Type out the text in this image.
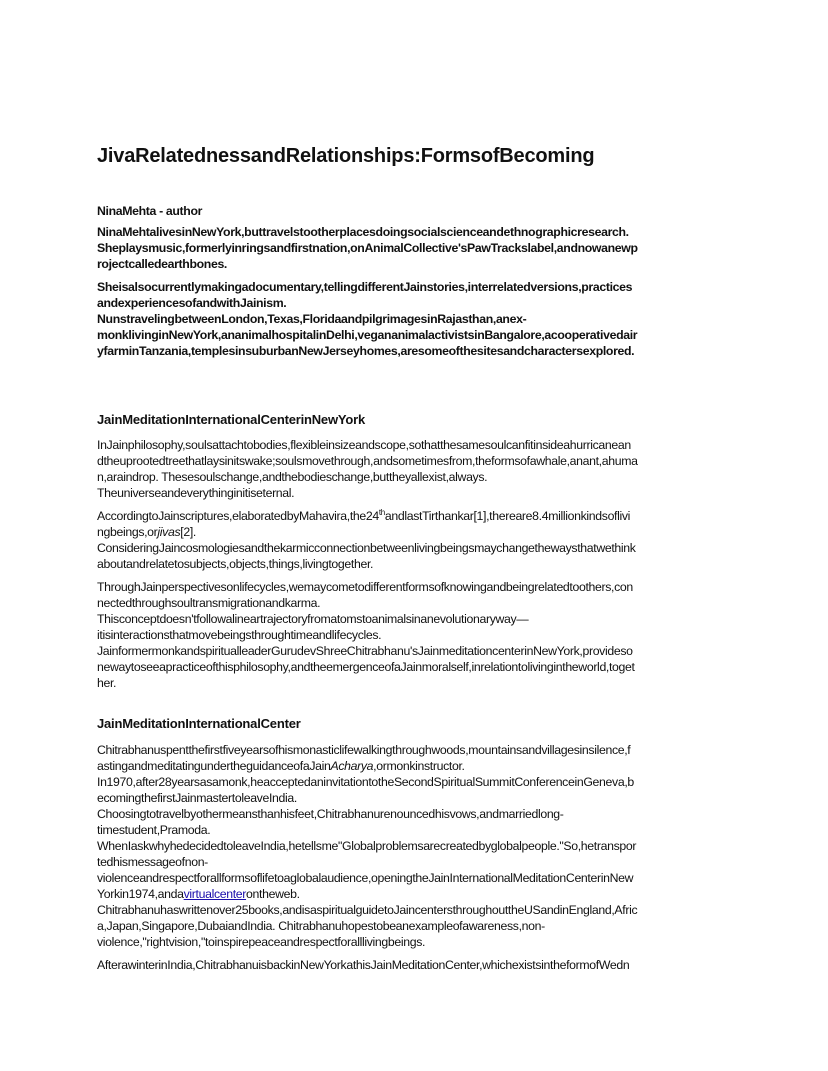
JivaRelatednessandRelationships:FormsofBecoming
NinaMehta - author
NinaMehtalivesinNewYork,buttravelstootherplacesdoingsocialscienceandethnographicresearch.
Sheplaysmusic,formerlyinringsandfirstnation,onAnimalCollective'sPawTrackslabel,andnowanewp
rojectcalledearthbones.
Sheisalsocurrentlymakingadocumentary,tellingdifferentJainstories,interrelatedversions,practices
andexperiencesofandwithJainism.
NunstravelingbetweenLondon,Texas,FloridaandpilgrimagesinRajasthan,anex-
monklivinginNewYork,ananimalhospitalinDelhi,vegananimalactivistsinBangalore,acooperativedair
yfarminTanzania,templesinsuburbanNewJerseyhomes,aresomeofthesitesandcharactersexplored.
JainMeditationInternationalCenterinNewYork
InJainphilosophy,soulsattachtobodies,flexibleinsizeandscope,sothatthesamesoulcanfitinsideahurricanean
dtheuprootedtreethatlaysinitswake;soulsmovethrough,andsometimesfrom,theformsofawhale,anant,ahuma
n,araindrop. Thesesoulschange,andthebodieschange,buttheyallexist,always.
Theuniverseandeverythinginitiseternal.
AccordingtoJainscriptures,elaboratedbyMahavira,the24thandlastTirthankar[1],thereare8.4millionkindsoflivi
ngbeings,orjivas[2].
ConsideringJaincosmologiesandthekarmicconnectionbetweenlivingbeingsmaychangethewaysthatwethink
aboutandrelatetosubjects,objects,things,livingtogether.
ThroughJainperspectivesonlifecycles,wemaycometodifferentformsofknowingandbeingrelatedtoothers,con
nectedthroughsoultransmigrationandkarma.
Thisconceptdoesn'tfollowalineartrajectoryfromatomstoanimalsinanevolutionaryway—
itisinteractionsthatmovebeingsthroughtimeandlifecycles.
JainformermonkandspiritualleaderGurudevShreeChitrabhanu'sJainmeditationcenterinNewYork,provideso
newaytoseeapracticeofthisphilosophy,andtheemergenceofaJainmoralself,inrelationtolivingintheworld,toget
her.
JainMeditationInternationalCenter
Chitrabhanuspentthefirstfiveyearsofhismonasticlifewalkingthroughwoods,mountainsandvillagesinsilence,f
astingandmeditatingundertheguidanceofaJainAcharya,ormonkinstructor.
In1970,after28yearsasamonk,heacceptedaninvitationtotheSecondSpiritualSummitConferenceinGeneva,b
ecomingthefirstJainmastertoleaveIndia.
Choosingtotravelbyothermeansthanhisfeet,Chitrabhanurenouncedhisvows,andmarriedlong-
timestudent,Pramoda.
WhenIaskwhyhedecidedtoleaveIndia,hetellsme"Globalproblemsarecreatedbyglobalpeople."So,hetranspor
tedhismessageofnon-
violenceandrespectforallformsoflifetoaglobalaudience,openingtheJainInternationalMeditationCenterinNew
Yorkin1974,andavirtualcenterontheweb.
Chitrabhanuhaswrittenover25books,andisaspiritualguidetoJaincentersthroughouttheUSandinEngland,Afric
a,Japan,Singapore,DubaiandIndia. Chitrabhanuhopestobeanexampleofawareness,non-
violence,"rightvision,"toinspirepeaceandrespectforalllivingbeings.
AfterawinterinIndia,ChitrabhanuisbackinNewYorkathisJainMeditationCenter,whichexistsintheformofWedn
